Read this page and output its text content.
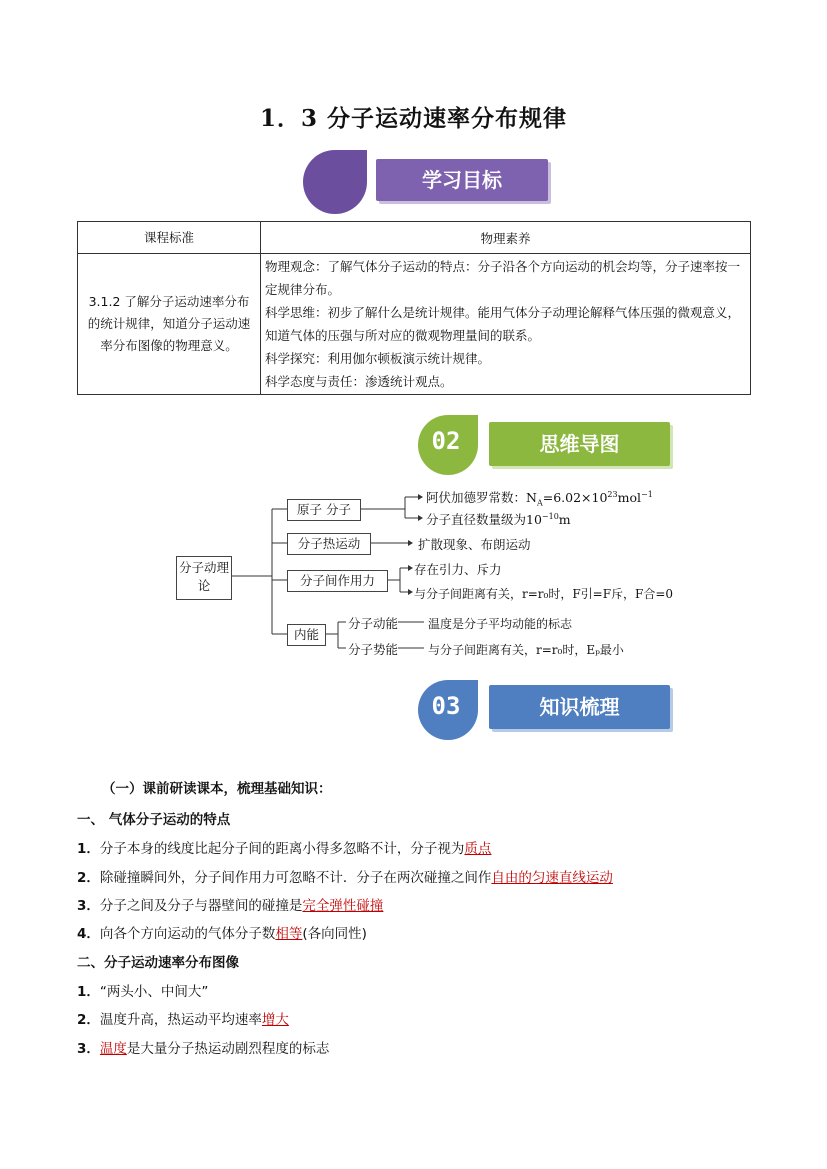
1．3 分子运动速率分布规律
学习目标
课程标准	物理素养
3.1.2 了解分子运动速率分布的统计规律，知道分子运动速率分布图像的物理意义。	物理观念：了解气体分子运动的特点：分子沿各个方向运动的机会均等，分子速率按一定规律分布。
科学思维：初步了解什么是统计规律。能用气体分子动理论解释气体压强的微观意义，知道气体的压强与所对应的微观物理量间的联系。
科学探究：利用伽尔顿板演示统计规律。
科学态度与责任：渗透统计观点。
02	思维导图
分子动理论
原子 分子
分子热运动
分子间作用力
内能
阿伏加德罗常数：$N_A=6.02\times 10^{23}mol^{-1}$
分子直径数量级为$10^{-10}m$
扩散现象、布朗运动
存在引力、斥力
与分子间距离有关，r=r₀时，F引=F斥，F合=0
分子动能 温度是分子平均动能的标志
分子势能 与分子间距离有关，r=r₀时，Eₚ最小
03	知识梳理
（一）课前研读课本，梳理基础知识：
一、 气体分子运动的特点
1．分子本身的线度比起分子间的距离小得多忽略不计，分子视为质点
2．除碰撞瞬间外，分子间作用力可忽略不计．分子在两次碰撞之间作自由的匀速直线运动
3．分子之间及分子与器壁间的碰撞是完全弹性碰撞
4．向各个方向运动的气体分子数相等(各向同性)
二、分子运动速率分布图像
1．“两头小、中间大”
2．温度升高，热运动平均速率增大
3．温度是大量分子热运动剧烈程度的标志
